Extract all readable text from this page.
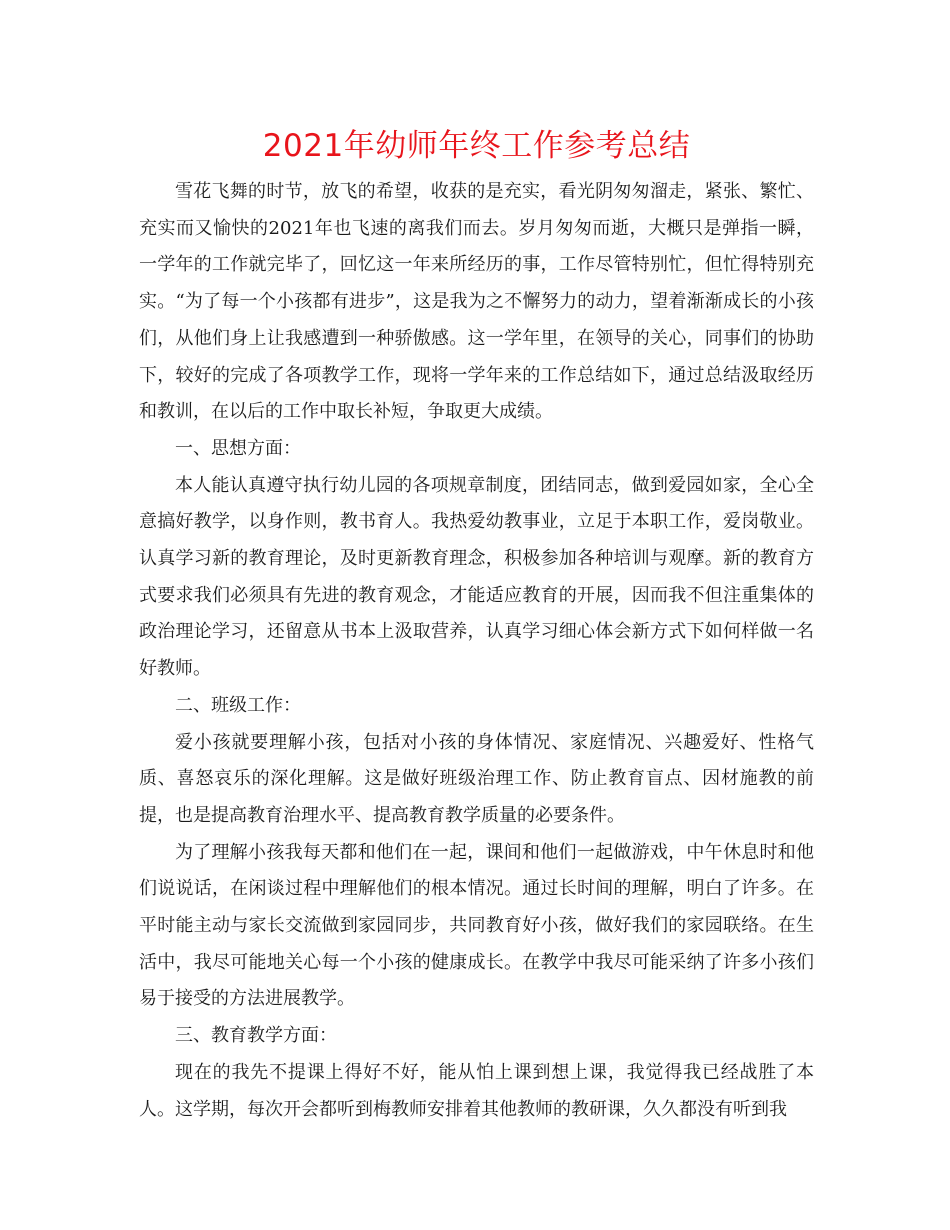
2021年幼师年终工作参考总结

雪花飞舞的时节，放飞的希望，收获的是充实，看光阴匆匆溜走，紧张、繁忙、充实而又愉快的2021年也飞速的离我们而去。岁月匆匆而逝，大概只是弹指一瞬，一学年的工作就完毕了，回忆这一年来所经历的事，工作尽管特别忙，但忙得特别充实。“为了每一个小孩都有进步”，这是我为之不懈努力的动力，望着渐渐成长的小孩们，从他们身上让我感遭到一种骄傲感。这一学年里，在领导的关心，同事们的协助下，较好的完成了各项教学工作，现将一学年来的工作总结如下，通过总结汲取经历和教训，在以后的工作中取长补短，争取更大成绩。

一、思想方面：

本人能认真遵守执行幼儿园的各项规章制度，团结同志，做到爱园如家，全心全意搞好教学，以身作则，教书育人。我热爱幼教事业，立足于本职工作，爱岗敬业。认真学习新的教育理论，及时更新教育理念，积极参加各种培训与观摩。新的教育方式要求我们必须具有先进的教育观念，才能适应教育的开展，因而我不但注重集体的政治理论学习，还留意从书本上汲取营养，认真学习细心体会新方式下如何样做一名好教师。

二、班级工作：

爱小孩就要理解小孩，包括对小孩的身体情况、家庭情况、兴趣爱好、性格气质、喜怒哀乐的深化理解。这是做好班级治理工作、防止教育盲点、因材施教的前提，也是提高教育治理水平、提高教育教学质量的必要条件。

为了理解小孩我每天都和他们在一起，课间和他们一起做游戏，中午休息时和他们说说话，在闲谈过程中理解他们的根本情况。通过长时间的理解，明白了许多。在平时能主动与家长交流做到家园同步，共同教育好小孩，做好我们的家园联络。在生活中，我尽可能地关心每一个小孩的健康成长。在教学中我尽可能采纳了许多小孩们易于接受的方法进展教学。

三、教育教学方面：

现在的我先不提课上得好不好，能从怕上课到想上课，我觉得我已经战胜了本人。这学期，每次开会都听到梅教师安排着其他教师的教研课，久久都没有听到我
